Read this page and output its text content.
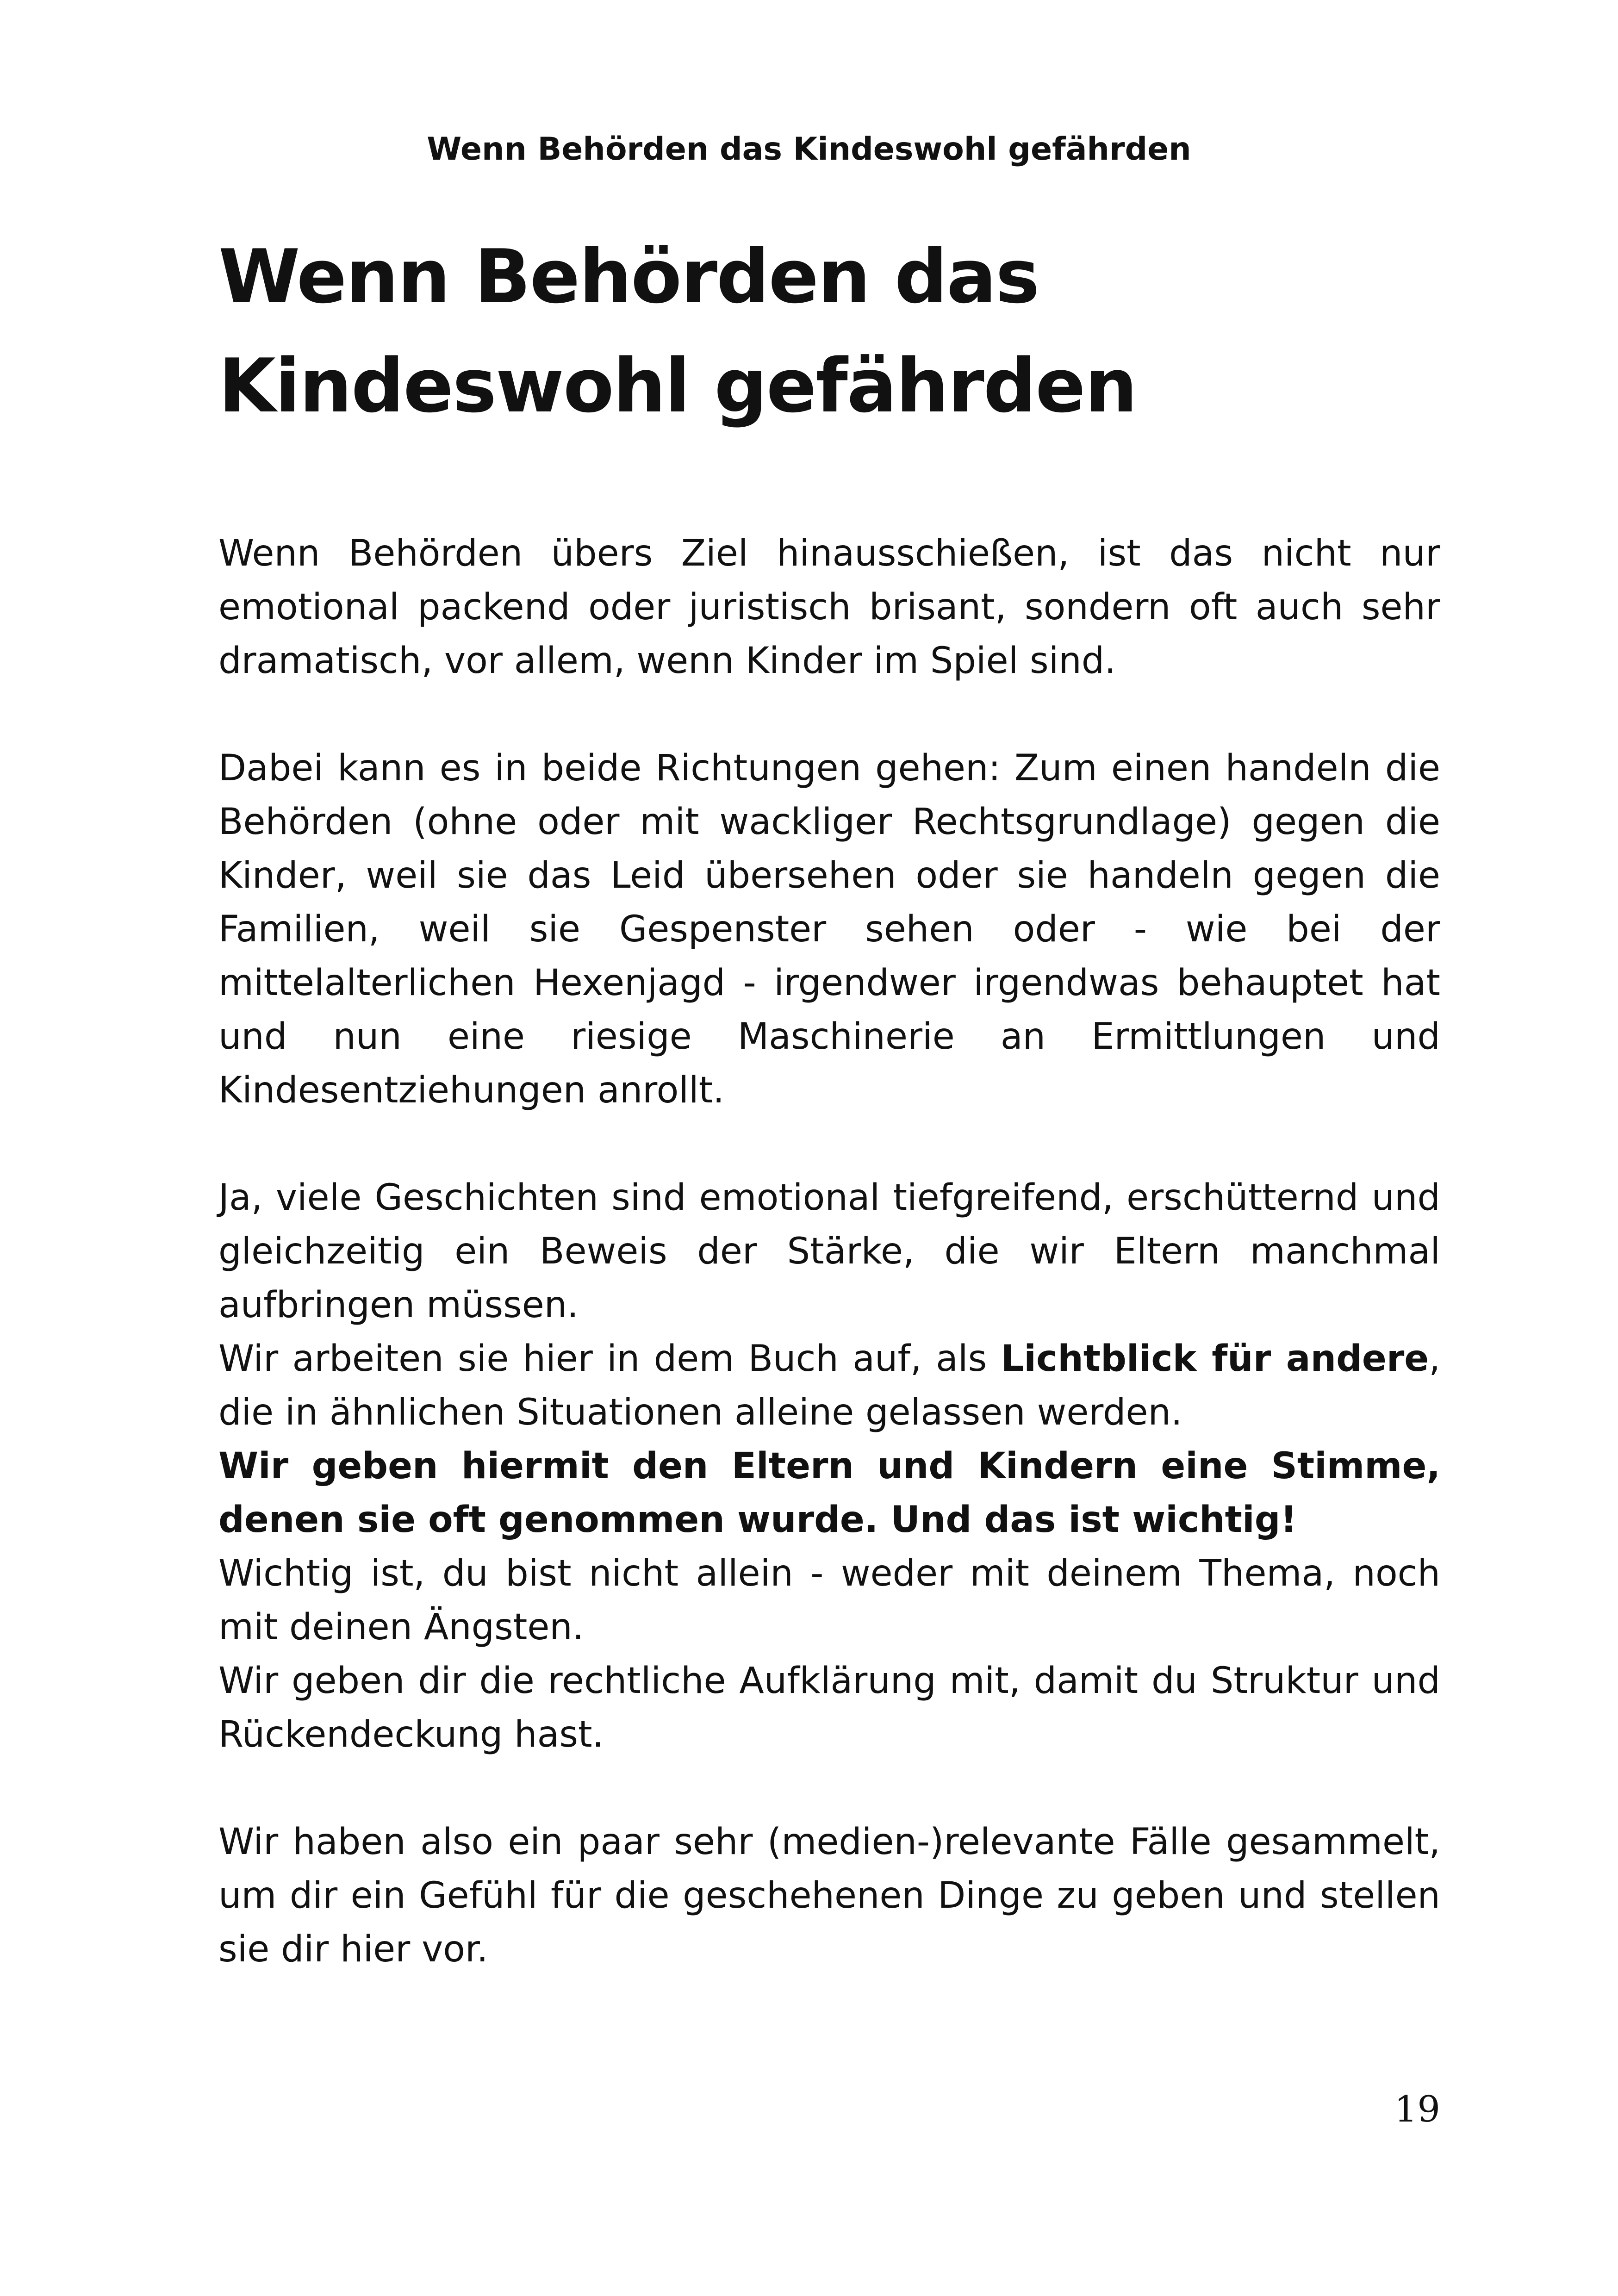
Wenn Behörden das Kindeswohl gefährden
Wenn Behörden das
Kindeswohl gefährden

Wenn Behörden übers Ziel hinausschießen, ist das nicht nur emotional packend oder juristisch brisant, sondern oft auch sehr dramatisch, vor allem, wenn Kinder im Spiel sind.

Dabei kann es in beide Richtungen gehen: Zum einen handeln die Behörden (ohne oder mit wackliger Rechtsgrundlage) gegen die Kinder, weil sie das Leid übersehen oder sie handeln gegen die Familien, weil sie Gespenster sehen oder - wie bei der mittelalterlichen Hexenjagd - irgendwer irgendwas behauptet hat und nun eine riesige Maschinerie an Ermittlungen und Kindesentziehungen anrollt.

Ja, viele Geschichten sind emotional tiefgreifend, erschütternd und gleichzeitig ein Beweis der Stärke, die wir Eltern manchmal aufbringen müssen.

Wir arbeiten sie hier in dem Buch auf, als Lichtblick für andere, die in ähnlichen Situationen alleine gelassen werden.

Wir geben hiermit den Eltern und Kindern eine Stimme, denen sie oft genommen wurde. Und das ist wichtig!

Wichtig ist, du bist nicht allein - weder mit deinem Thema, noch mit deinen Ängsten.

Wir geben dir die rechtliche Aufklärung mit, damit du Struktur und Rückendeckung hast.

Wir haben also ein paar sehr (medien-)relevante Fälle gesammelt, um dir ein Gefühl für die geschehenen Dinge zu geben und stellen sie dir hier vor.

19
